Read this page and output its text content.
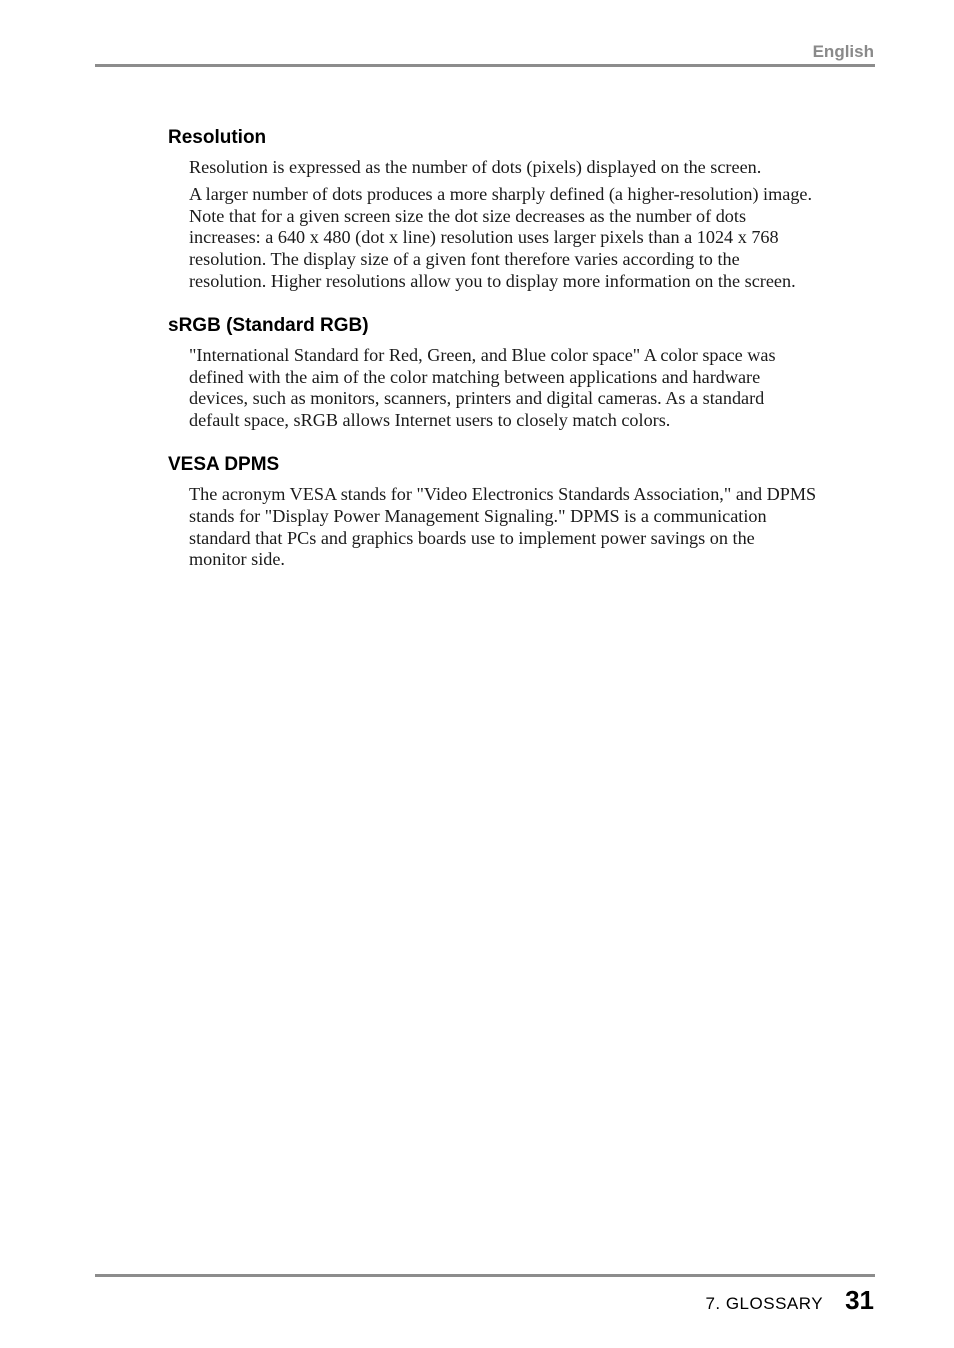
English
Resolution

Resolution is expressed as the number of dots (pixels) displayed on the screen.

A larger number of dots produces a more sharply defined (a higher-resolution) image.
Note that for a given screen size the dot size decreases as the number of dots
increases: a 640 x 480 (dot x line) resolution uses larger pixels than a 1024 x 768
resolution. The display size of a given font therefore varies according to the
resolution. Higher resolutions allow you to display more information on the screen.

sRGB (Standard RGB)

"International Standard for Red, Green, and Blue color space" A color space was
defined with the aim of the color matching between applications and hardware
devices, such as monitors, scanners, printers and digital cameras. As a standard
default space, sRGB allows Internet users to closely match colors.

VESA DPMS

The acronym VESA stands for "Video Electronics Standards Association," and DPMS
stands for "Display Power Management Signaling." DPMS is a communication
standard that PCs and graphics boards use to implement power savings on the
monitor side.

7. GLOSSARY 31
